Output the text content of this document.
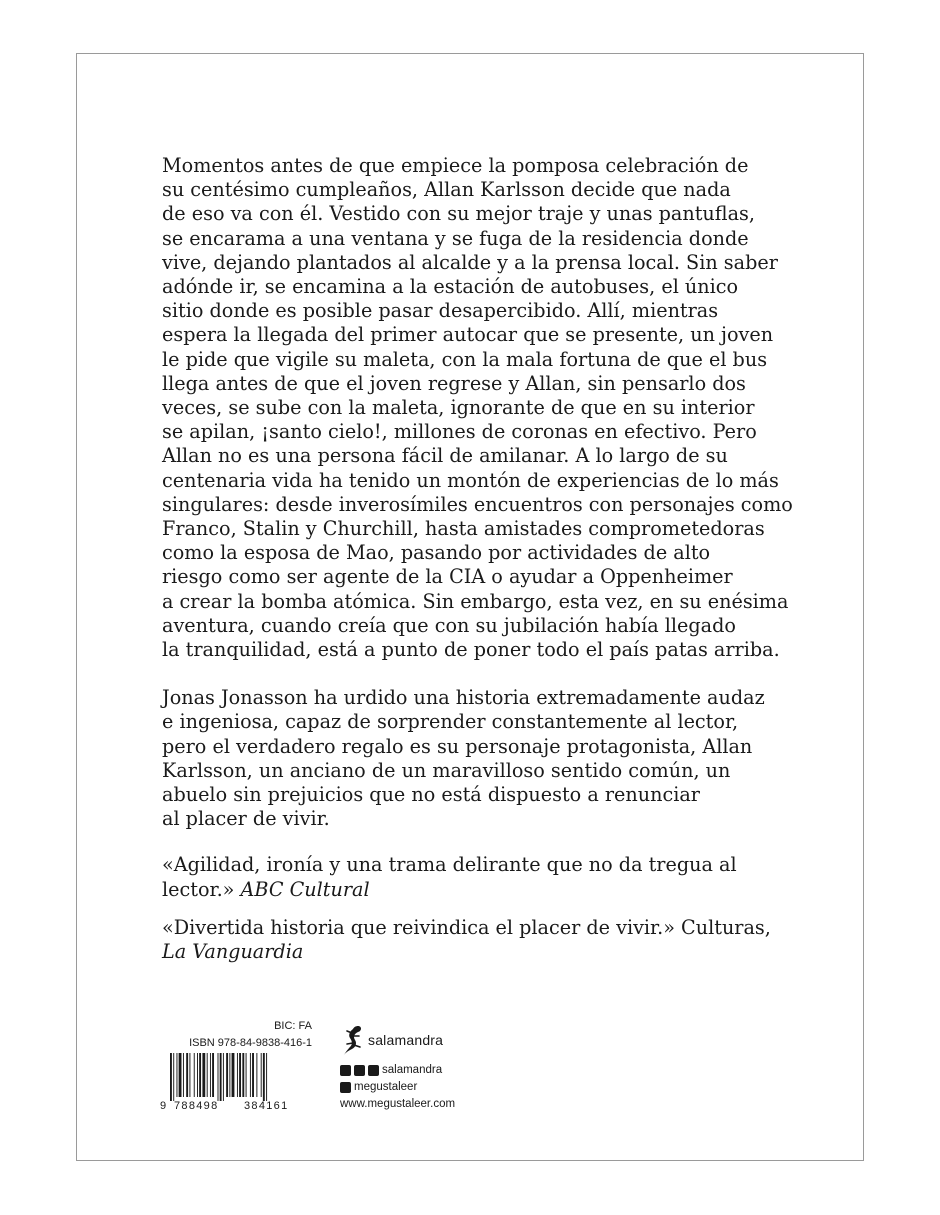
Momentos antes de que empiece la pomposa celebración de
su centésimo cumpleaños, Allan Karlsson decide que nada
de eso va con él. Vestido con su mejor traje y unas pantuflas,
se encarama a una ventana y se fuga de la residencia donde
vive, dejando plantados al alcalde y a la prensa local. Sin saber
adónde ir, se encamina a la estación de autobuses, el único
sitio donde es posible pasar desapercibido. Allí, mientras
espera la llegada del primer autocar que se presente, un joven
le pide que vigile su maleta, con la mala fortuna de que el bus
llega antes de que el joven regrese y Allan, sin pensarlo dos
veces, se sube con la maleta, ignorante de que en su interior
se apilan, ¡santo cielo!, millones de coronas en efectivo. Pero
Allan no es una persona fácil de amilanar. A lo largo de su
centenaria vida ha tenido un montón de experiencias de lo más
singulares: desde inverosímiles encuentros con personajes como
Franco, Stalin y Churchill, hasta amistades comprometedoras
como la esposa de Mao, pasando por actividades de alto
riesgo como ser agente de la CIA o ayudar a Oppenheimer
a crear la bomba atómica. Sin embargo, esta vez, en su enésima
aventura, cuando creía que con su jubilación había llegado
la tranquilidad, está a punto de poner todo el país patas arriba.

Jonas Jonasson ha urdido una historia extremadamente audaz
e ingeniosa, capaz de sorprender constantemente al lector,
pero el verdadero regalo es su personaje protagonista, Allan
Karlsson, un anciano de un maravilloso sentido común, un
abuelo sin prejuicios que no está dispuesto a renunciar
al placer de vivir.

«Agilidad, ironía y una trama delirante que no da tregua al
lector.» ABC Cultural

«Divertida historia que reivindica el placer de vivir.» Culturas,
La Vanguardia

BIC: FA
ISBN 978-84-9838-416-1
9 788498 384161
salamandra
salamandra
megustaleer
www.megustaleer.com
